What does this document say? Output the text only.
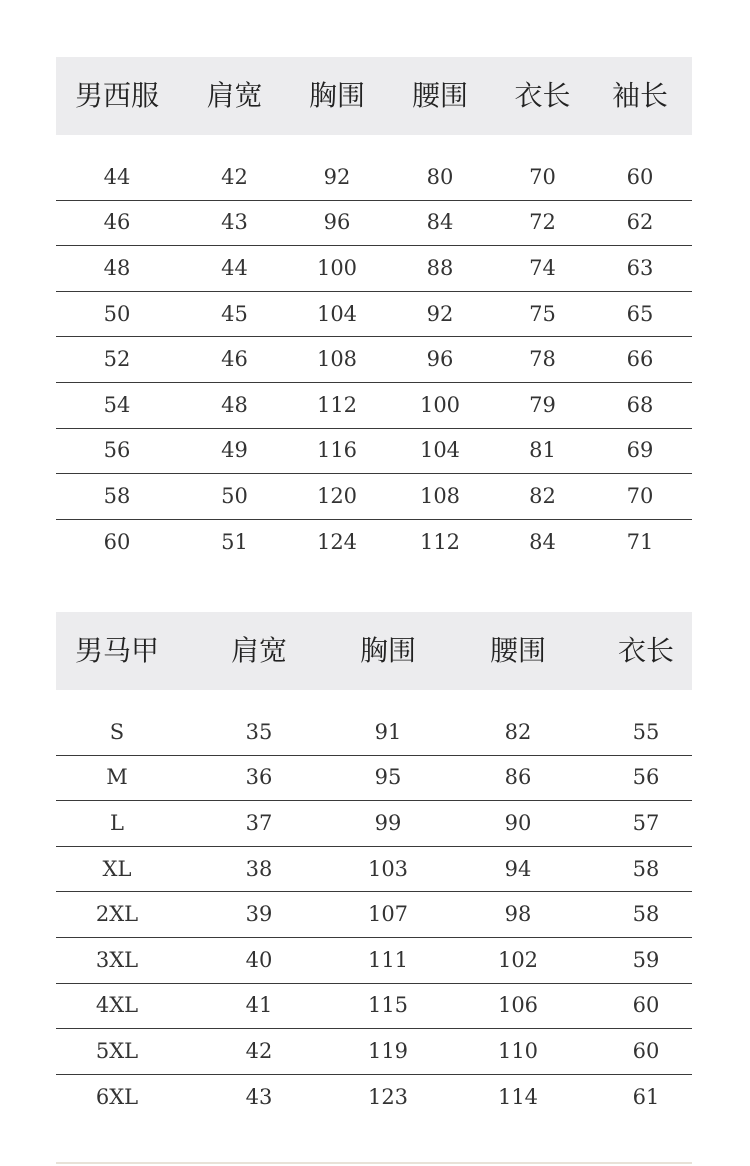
男西服	肩宽	胸围	腰围	衣长	袖长
44	42	92	80	70	60
46	43	96	84	72	62
48	44	100	88	74	63
50	45	104	92	75	65
52	46	108	96	78	66
54	48	112	100	79	68
56	49	116	104	81	69
58	50	120	108	82	70
60	51	124	112	84	71
男马甲	肩宽	胸围	腰围	衣长
S	35	91	82	55
M	36	95	86	56
L	37	99	90	57
XL	38	103	94	58
2XL	39	107	98	58
3XL	40	111	102	59
4XL	41	115	106	60
5XL	42	119	110	60
6XL	43	123	114	61
